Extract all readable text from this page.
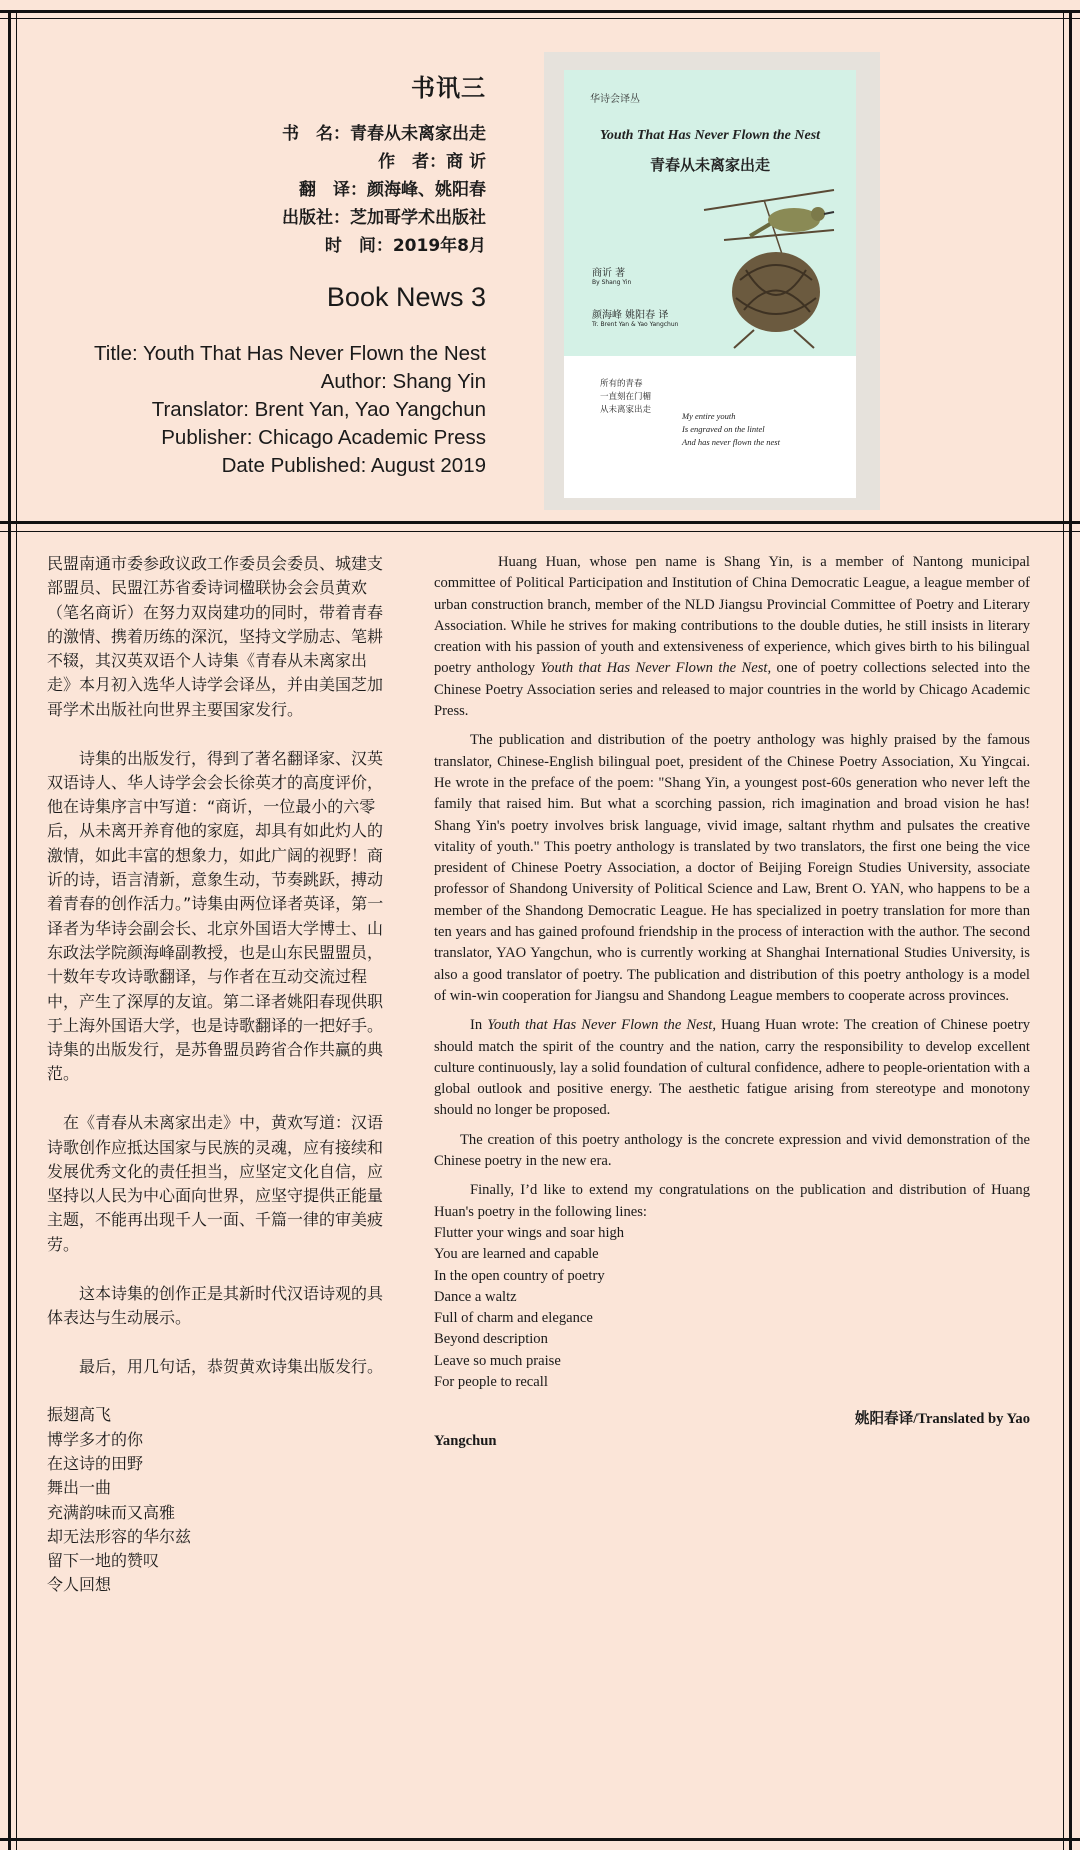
书讯三
书　名：青春从未离家出走
作　者：商 䜣
翻　译：颜海峰、姚阳春
出版社：芝加哥学术出版社
时　间：2019年8月
Book News 3
Title: Youth That Has Never Flown the Nest
Author: Shang Yin
Translator: Brent Yan, Yao Yangchun
Publisher: Chicago Academic Press
Date Published: August 2019
华诗会译丛
Youth That Has Never Flown the Nest
青春从未离家出走
商䜣 著
By Shang Yin
颜海峰 姚阳春 译
Tr. Brent Yan & Yao Yangchun
所有的青春
一直刻在门楣
从未离家出走
My entire youth
Is engraved on the lintel
And has never flown the nest

民盟南通市委参政议政工作委员会委员、城建支部盟员、民盟江苏省委诗词楹联协会会员黄欢（笔名商䜣）在努力双岗建功的同时，带着青春的激情、携着历练的深沉，坚持文学励志、笔耕不辍，其汉英双语个人诗集《青春从未离家出走》本月初入选华人诗学会译丛，并由美国芝加哥学术出版社向世界主要国家发行。

诗集的出版发行，得到了著名翻译家、汉英双语诗人、华人诗学会会长徐英才的高度评价，他在诗集序言中写道：“商䜣，一位最小的六零后，从未离开养育他的家庭，却具有如此灼人的激情，如此丰富的想象力，如此广阔的视野！商䜣的诗，语言清新，意象生动，节奏跳跃，搏动着青春的创作活力。”诗集由两位译者英译，第一译者为华诗会副会长、北京外国语大学博士、山东政法学院颜海峰副教授，也是山东民盟盟员，十数年专攻诗歌翻译，与作者在互动交流过程中，产生了深厚的友谊。第二译者姚阳春现供职于上海外国语大学，也是诗歌翻译的一把好手。诗集的出版发行，是苏鲁盟员跨省合作共赢的典范。

在《青春从未离家出走》中，黄欢写道：汉语诗歌创作应抵达国家与民族的灵魂，应有接续和发展优秀文化的责任担当，应坚定文化自信，应坚持以人民为中心面向世界，应坚守提供正能量主题，不能再出现千人一面、千篇一律的审美疲劳。

这本诗集的创作正是其新时代汉语诗观的具体表达与生动展示。

最后，用几句话，恭贺黄欢诗集出版发行。

振翅高飞
博学多才的你
在这诗的田野
舞出一曲
充满韵味而又高雅
却无法形容的华尔兹
留下一地的赞叹
令人回想

Huang Huan, whose pen name is Shang Yin, is a member of Nantong municipal committee of Political Participation and Institution of China Democratic League, a league member of urban construction branch, member of the NLD Jiangsu Provincial Committee of Poetry and Literary Association. While he strives for making contributions to the double duties, he still insists in literary creation with his passion of youth and extensiveness of experience, which gives birth to his bilingual poetry anthology Youth that Has Never Flown the Nest, one of poetry collections selected into the Chinese Poetry Association series and released to major countries in the world by Chicago Academic Press.

The publication and distribution of the poetry anthology was highly praised by the famous translator, Chinese-English bilingual poet, president of the Chinese Poetry Association, Xu Yingcai. He wrote in the preface of the poem: "Shang Yin, a youngest post-60s generation who never left the family that raised him. But what a scorching passion, rich imagination and broad vision he has! Shang Yin's poetry involves brisk language, vivid image, saltant rhythm and pulsates the creative vitality of youth." This poetry anthology is translated by two translators, the first one being the vice president of Chinese Poetry Association, a doctor of Beijing Foreign Studies University, associate professor of Shandong University of Political Science and Law, Brent O. YAN, who happens to be a member of the Shandong Democratic League. He has specialized in poetry translation for more than ten years and has gained profound friendship in the process of interaction with the author. The second translator, YAO Yangchun, who is currently working at Shanghai International Studies University, is also a good translator of poetry. The publication and distribution of this poetry anthology is a model of win-win cooperation for Jiangsu and Shandong League members to cooperate across provinces.

In Youth that Has Never Flown the Nest, Huang Huan wrote: The creation of Chinese poetry should match the spirit of the country and the nation, carry the responsibility to develop excellent culture continuously, lay a solid foundation of cultural confidence, adhere to people-orientation with a global outlook and positive energy. The aesthetic fatigue arising from stereotype and monotony should no longer be proposed.

The creation of this poetry anthology is the concrete expression and vivid demonstration of the Chinese poetry in the new era.

Finally, I’d like to extend my congratulations on the publication and distribution of Huang Huan's poetry in the following lines:

Flutter your wings and soar high
You are learned and capable
In the open country of poetry
Dance a waltz
Full of charm and elegance
Beyond description
Leave so much praise
For people to recall
姚阳春译/Translated by Yao
Yangchun
